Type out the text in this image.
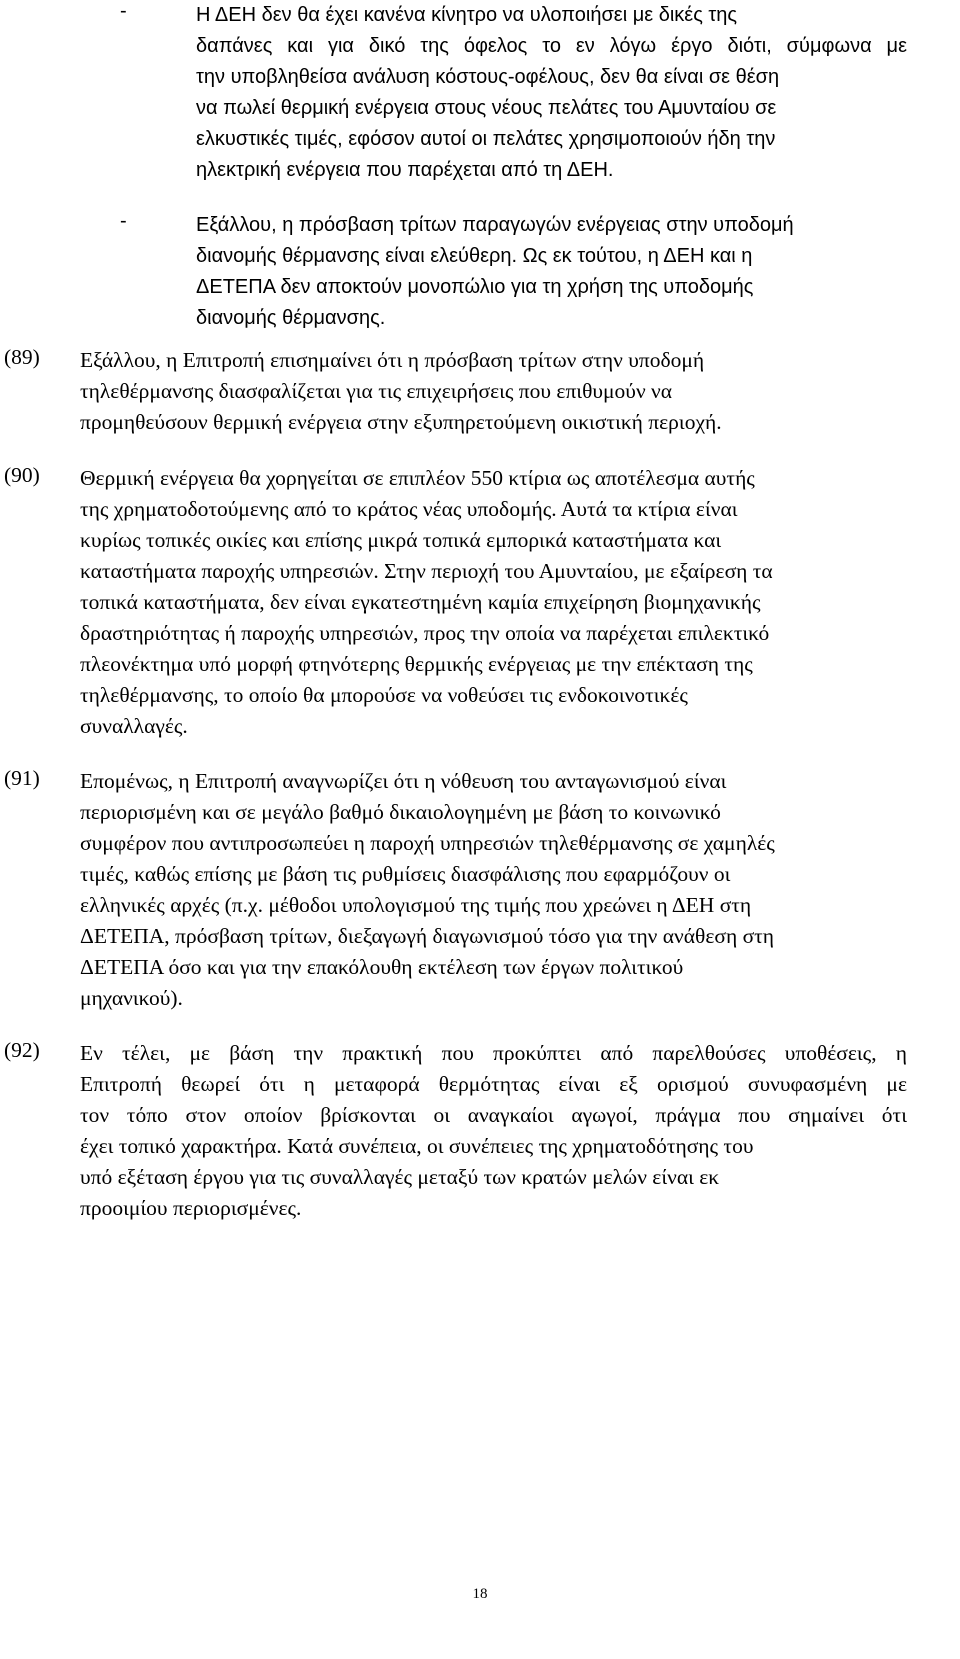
-	Η ΔΕΗ δεν θα έχει κανένα κίνητρο να υλοποιήσει με δικές της
δαπάνες και για δικό της όφελος το εν λόγω έργο διότι, σύμφωνα με
την υποβληθείσα ανάλυση κόστους-οφέλους, δεν θα είναι σε θέση
να πωλεί θερμική ενέργεια στους νέους πελάτες του Αμυνταίου σε
ελκυστικές τιμές, εφόσον αυτοί οι πελάτες χρησιμοποιούν ήδη την
ηλεκτρική ενέργεια που παρέχεται από τη ΔΕΗ.
-	Εξάλλου, η πρόσβαση τρίτων παραγωγών ενέργειας στην υποδομή
διανομής θέρμανσης είναι ελεύθερη. Ως εκ τούτου, η ΔΕΗ και η
ΔΕΤΕΠΑ δεν αποκτούν μονοπώλιο για τη χρήση της υποδομής
διανομής θέρμανσης.
(89) Εξάλλου, η Επιτροπή επισημαίνει ότι η πρόσβαση τρίτων στην υποδομή
τηλεθέρμανσης διασφαλίζεται για τις επιχειρήσεις που επιθυμούν να
προμηθεύσουν θερμική ενέργεια στην εξυπηρετούμενη οικιστική περιοχή.
(90) Θερμική ενέργεια θα χορηγείται σε επιπλέον 550 κτίρια ως αποτέλεσμα αυτής
της χρηματοδοτούμενης από το κράτος νέας υποδομής. Αυτά τα κτίρια είναι
κυρίως τοπικές οικίες και επίσης μικρά τοπικά εμπορικά καταστήματα και
καταστήματα παροχής υπηρεσιών. Στην περιοχή του Αμυνταίου, με εξαίρεση τα
τοπικά καταστήματα, δεν είναι εγκατεστημένη καμία επιχείρηση βιομηχανικής
δραστηριότητας ή παροχής υπηρεσιών, προς την οποία να παρέχεται επιλεκτικό
πλεονέκτημα υπό μορφή φτηνότερης θερμικής ενέργειας με την επέκταση της
τηλεθέρμανσης, το οποίο θα μπορούσε να νοθεύσει τις ενδοκοινοτικές
συναλλαγές.
(91) Επομένως, η Επιτροπή αναγνωρίζει ότι η νόθευση του ανταγωνισμού είναι
περιορισμένη και σε μεγάλο βαθμό δικαιολογημένη με βάση το κοινωνικό
συμφέρον που αντιπροσωπεύει η παροχή υπηρεσιών τηλεθέρμανσης σε χαμηλές
τιμές, καθώς επίσης με βάση τις ρυθμίσεις διασφάλισης που εφαρμόζουν οι
ελληνικές αρχές (π.χ. μέθοδοι υπολογισμού της τιμής που χρεώνει η ΔΕΗ στη
ΔΕΤΕΠΑ, πρόσβαση τρίτων, διεξαγωγή διαγωνισμού τόσο για την ανάθεση στη
ΔΕΤΕΠΑ όσο και για την επακόλουθη εκτέλεση των έργων πολιτικού
μηχανικού).
(92) Εν τέλει, με βάση την πρακτική που προκύπτει από παρελθούσες υποθέσεις, η
Επιτροπή θεωρεί ότι η μεταφορά θερμότητας είναι εξ ορισμού συνυφασμένη με
τον τόπο στον οποίον βρίσκονται οι αναγκαίοι αγωγοί, πράγμα που σημαίνει ότι
έχει τοπικό χαρακτήρα. Κατά συνέπεια, οι συνέπειες της χρηματοδότησης του
υπό εξέταση έργου για τις συναλλαγές μεταξύ των κρατών μελών είναι εκ
προοιμίου περιορισμένες.
18
